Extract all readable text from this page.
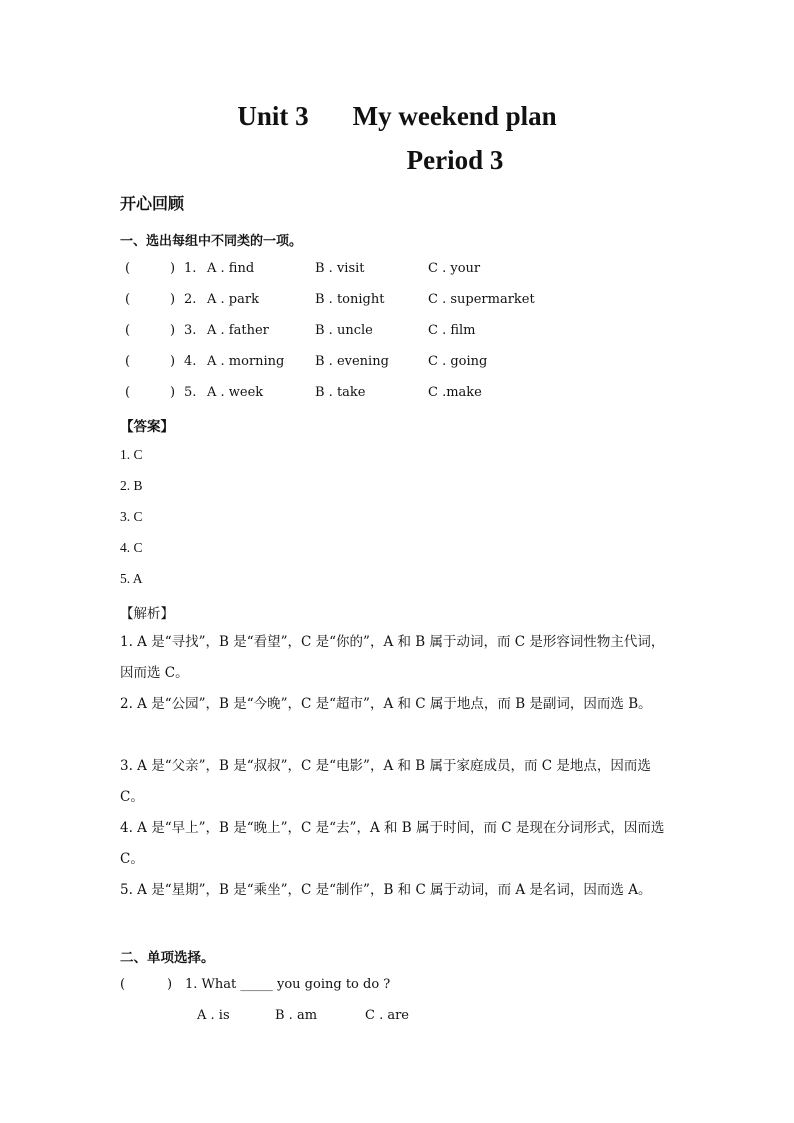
Unit 3 My weekend plan
Period 3
开心回顾
一、选出每组中不同类的一项。
(	) 1. A . find	B . visit	C . your
(	) 2. A . park	B . tonight	C . supermarket
(	) 3. A . father	B . uncle	C . film
(	) 4. A . morning B . evening	C . going
(	) 5. A . week	B . take	C .make
【答案】
1. C
2. B
3. C
4. C
5. A
【解析】
1. A 是“寻找”，B 是“看望”，C 是“你的”，A 和 B 属于动词，而 C 是形容词性物主代词，因而选 C。
2. A 是“公园”，B 是“今晚”，C 是“超市”，A 和 C 属于地点，而 B 是副词，因而选 B。
3. A 是“父亲”，B 是“叔叔”，C 是“电影”，A 和 B 属于家庭成员，而 C 是地点，因而选 C。
4. A 是“早上”，B 是“晚上”，C 是“去”，A 和 B 属于时间，而 C 是现在分词形式，因而选 C。
5. A 是“星期”，B 是“乘坐”，C 是“制作”，B 和 C 属于动词，而 A 是名词，因而选 A。
二、单项选择。
(	) 1. What _____ you going to do ?
A . is	B . am	C . are
